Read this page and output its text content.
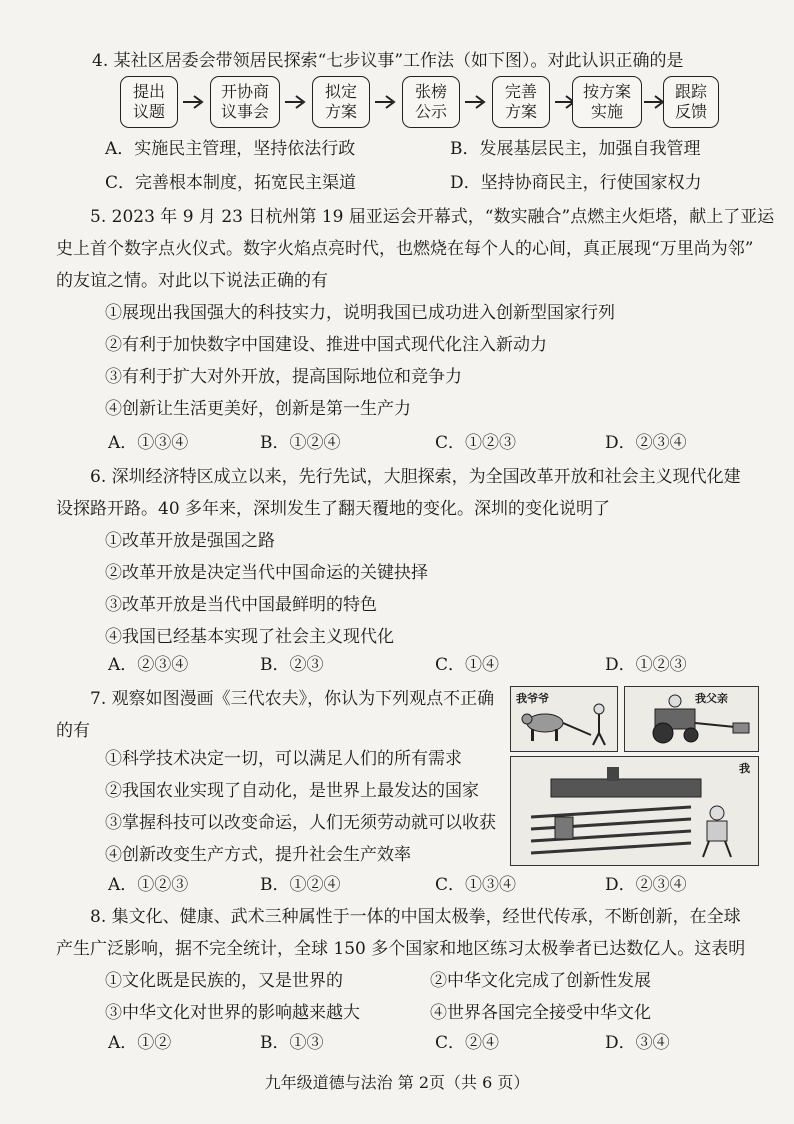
4. 某社区居委会带领居民探索“七步议事”工作法（如下图）。对此认识正确的是
提出
议题
开协商
议事会
拟定
方案
张榜
公示
完善
方案
按方案
实施
跟踪
反馈
A．实施民主管理，坚持依法行政	B．发展基层民主，加强自我管理
C．完善根本制度，拓宽民主渠道	D．坚持协商民主，行使国家权力
5. 2023 年 9 月 23 日杭州第 19 届亚运会开幕式，“数实融合”点燃主火炬塔，献上了亚运
史上首个数字点火仪式。数字火焰点亮时代，也燃烧在每个人的心间，真正展现“万里尚为邻”
的友谊之情。对此以下说法正确的有
①展现出我国强大的科技实力，说明我国已成功进入创新型国家行列
②有利于加快数字中国建设、推进中国式现代化注入新动力
③有利于扩大对外开放，提高国际地位和竞争力
④创新让生活更美好，创新是第一生产力
A．①③④	B．①②④	C．①②③	D．②③④
6. 深圳经济特区成立以来，先行先试，大胆探索，为全国改革开放和社会主义现代化建
设探路开路。40 多年来，深圳发生了翻天覆地的变化。深圳的变化说明了
①改革开放是强国之路
②改革开放是决定当代中国命运的关键抉择
③改革开放是当代中国最鲜明的特色
④我国已经基本实现了社会主义现代化
A．②③④	B．②③	C．①④	D．①②③
7. 观察如图漫画《三代农夫》，你认为下列观点不正确
的有
①科学技术决定一切，可以满足人们的所有需求
②我国农业实现了自动化，是世界上最发达的国家
③掌握科技可以改变命运，人们无须劳动就可以收获
④创新改变生产方式，提升社会生产效率
A．①②③	B．①②④	C．①③④	D．②③④
我爷爷	我父亲
我
8. 集文化、健康、武术三种属性于一体的中国太极拳，经世代传承，不断创新，在全球
产生广泛影响，据不完全统计，全球 150 多个国家和地区练习太极拳者已达数亿人。这表明
①文化既是民族的，又是世界的	②中华文化完成了创新性发展
③中华文化对世界的影响越来越大	④世界各国完全接受中华文化
A．①②	B．①③	C．②④	D．③④
九年级道德与法治 第 2页（共 6 页）
